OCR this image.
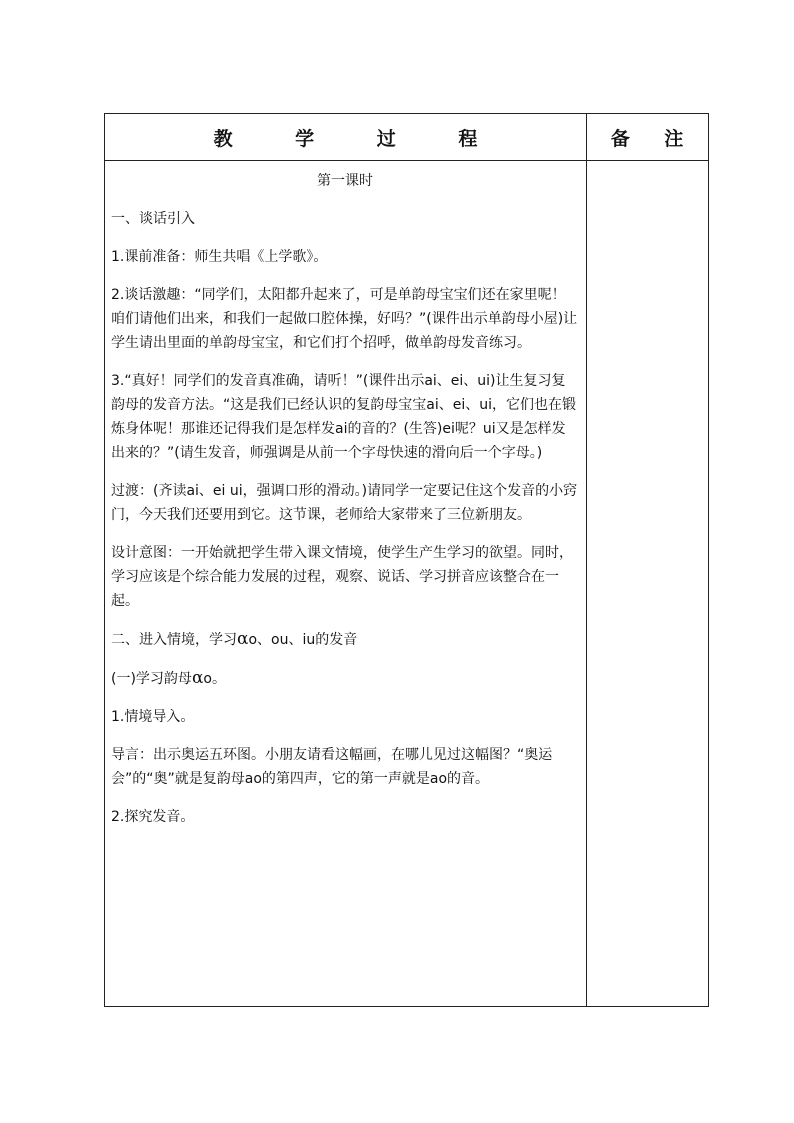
教 学 过 程	备 注

第一课时

一、谈话引入

1.课前准备：师生共唱《上学歌》。

2.谈话激趣：“同学们，太阳都升起来了，可是单韵母宝宝们还在家里呢！咱们请他们出来，和我们一起做口腔体操，好吗？”(课件出示单韵母小屋)让学生请出里面的单韵母宝宝，和它们打个招呼，做单韵母发音练习。

3.“真好！同学们的发音真准确，请听！”(课件出示ai、ei、ui)让生复习复韵母的发音方法。“这是我们已经认识的复韵母宝宝ai、ei、ui，它们也在锻炼身体呢！那谁还记得我们是怎样发ai的音的？(生答)ei呢？ui又是怎样发出来的？”(请生发音，师强调是从前一个字母快速的滑向后一个字母。)

过渡：(齐读ai、ei ui，强调口形的滑动。)请同学一定要记住这个发音的小窍门，今天我们还要用到它。这节课，老师给大家带来了三位新朋友。

设计意图：一开始就把学生带入课文情境，使学生产生学习的欲望。同时，学习应该是个综合能力发展的过程，观察、说话、学习拼音应该整合在一起。

二、进入情境，学习αo、ou、iu的发音

(一)学习韵母αo。

1.情境导入。

导言：出示奥运五环图。小朋友请看这幅画，在哪儿见过这幅图？“奥运会”的“奥”就是复韵母ao的第四声，它的第一声就是ao的音。

2.探究发音。
